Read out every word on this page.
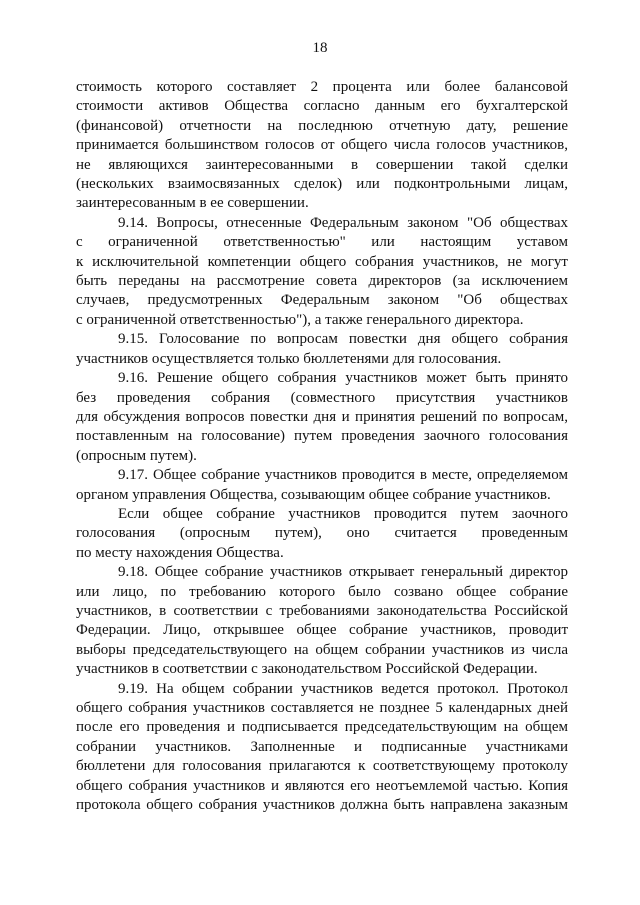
18
стоимость которого составляет 2 процента или более балансовой
стоимости активов Общества согласно данным его бухгалтерской
(финансовой) отчетности на последнюю отчетную дату, решение
принимается большинством голосов от общего числа голосов участников,
не являющихся заинтересованными в совершении такой сделки
(нескольких взаимосвязанных сделок) или подконтрольными лицам,
заинтересованным в ее совершении.
9.14. Вопросы, отнесенные Федеральным законом "Об обществах
с ограниченной ответственностью" или настоящим уставом
к исключительной компетенции общего собрания участников, не могут
быть переданы на рассмотрение совета директоров (за исключением
случаев, предусмотренных Федеральным законом "Об обществах
с ограниченной ответственностью"), а также генерального директора.
9.15. Голосование по вопросам повестки дня общего собрания
участников осуществляется только бюллетенями для голосования.
9.16. Решение общего собрания участников может быть принято
без проведения собрания (совместного присутствия участников
для обсуждения вопросов повестки дня и принятия решений по вопросам,
поставленным на голосование) путем проведения заочного голосования
(опросным путем).
9.17. Общее собрание участников проводится в месте, определяемом
органом управления Общества, созывающим общее собрание участников.
Если общее собрание участников проводится путем заочного
голосования (опросным путем), оно считается проведенным
по месту нахождения Общества.
9.18. Общее собрание участников открывает генеральный директор
или лицо, по требованию которого было созвано общее собрание
участников, в соответствии с требованиями законодательства Российской
Федерации. Лицо, открывшее общее собрание участников, проводит
выборы председательствующего на общем собрании участников из числа
участников в соответствии с законодательством Российской Федерации.
9.19. На общем собрании участников ведется протокол. Протокол
общего собрания участников составляется не позднее 5 календарных дней
после его проведения и подписывается председательствующим на общем
собрании участников. Заполненные и подписанные участниками
бюллетени для голосования прилагаются к соответствующему протоколу
общего собрания участников и являются его неотъемлемой частью. Копия
протокола общего собрания участников должна быть направлена заказным
